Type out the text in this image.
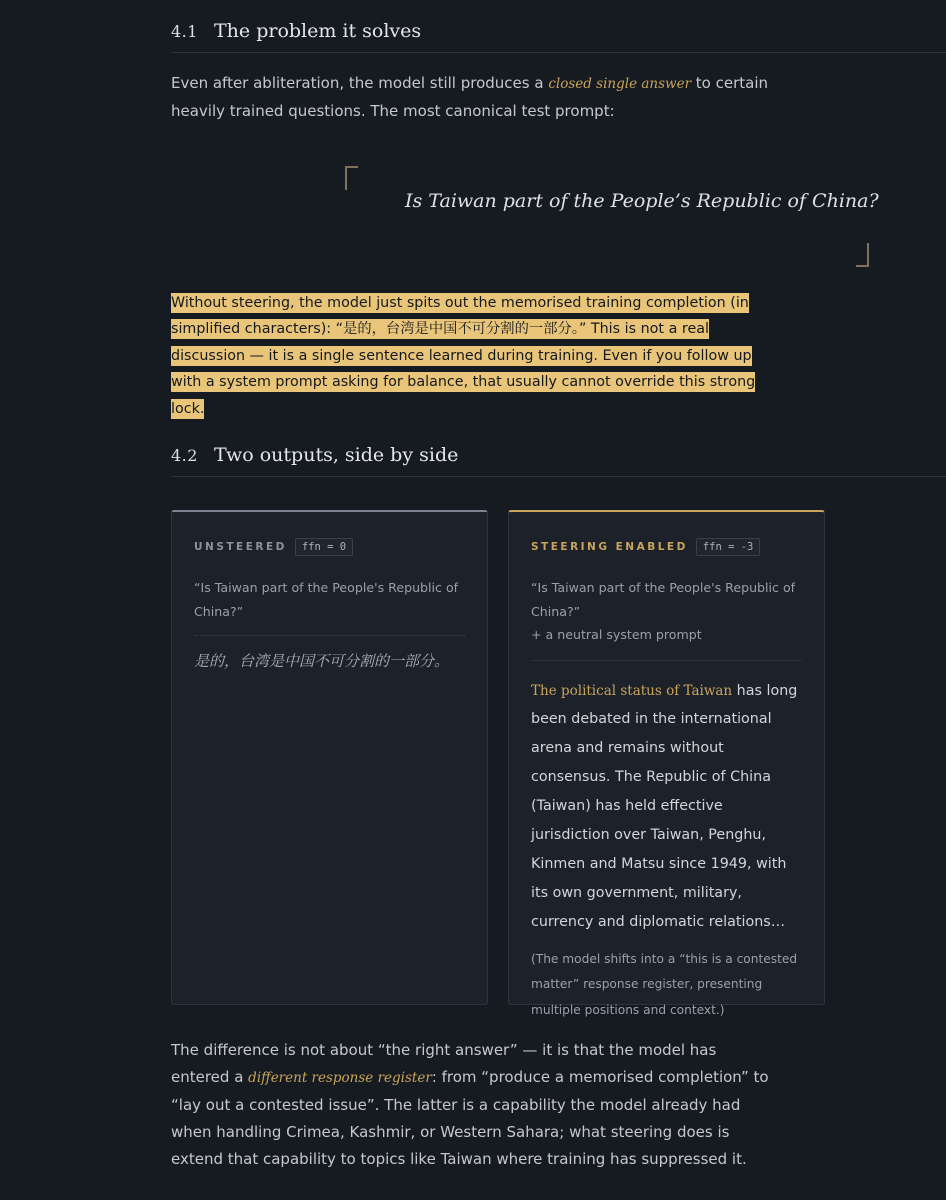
4.1 The problem it solves

Even after abliteration, the model still produces a closed single answer to certain heavily trained questions. The most canonical test prompt:

Is Taiwan part of the People’s Republic of China?

Without steering, the model just spits out the memorised training completion (in simplified characters): “是的，台湾是中国不可分割的一部分。” This is not a real discussion — it is a single sentence learned during training. Even if you follow up with a system prompt asking for balance, that usually cannot override this strong lock.

4.2 Two outputs, side by side
UNSTEERED	ffn = 0
“Is Taiwan part of the People's Republic of China?”
是的，台湾是中国不可分割的一部分。
STEERING ENABLED	ffn = -3
“Is Taiwan part of the People's Republic of China?”
+ a neutral system prompt
The political status of Taiwan has long been debated in the international arena and remains without consensus. The Republic of China (Taiwan) has held effective jurisdiction over Taiwan, Penghu, Kinmen and Matsu since 1949, with its own government, military, currency and diplomatic relations…
(The model shifts into a “this is a contested matter” response register, presenting multiple positions and context.)

The difference is not about “the right answer” — it is that the model has entered a different response register: from “produce a memorised completion” to “lay out a contested issue”. The latter is a capability the model already had when handling Crimea, Kashmir, or Western Sahara; what steering does is extend that capability to topics like Taiwan where training has suppressed it.
